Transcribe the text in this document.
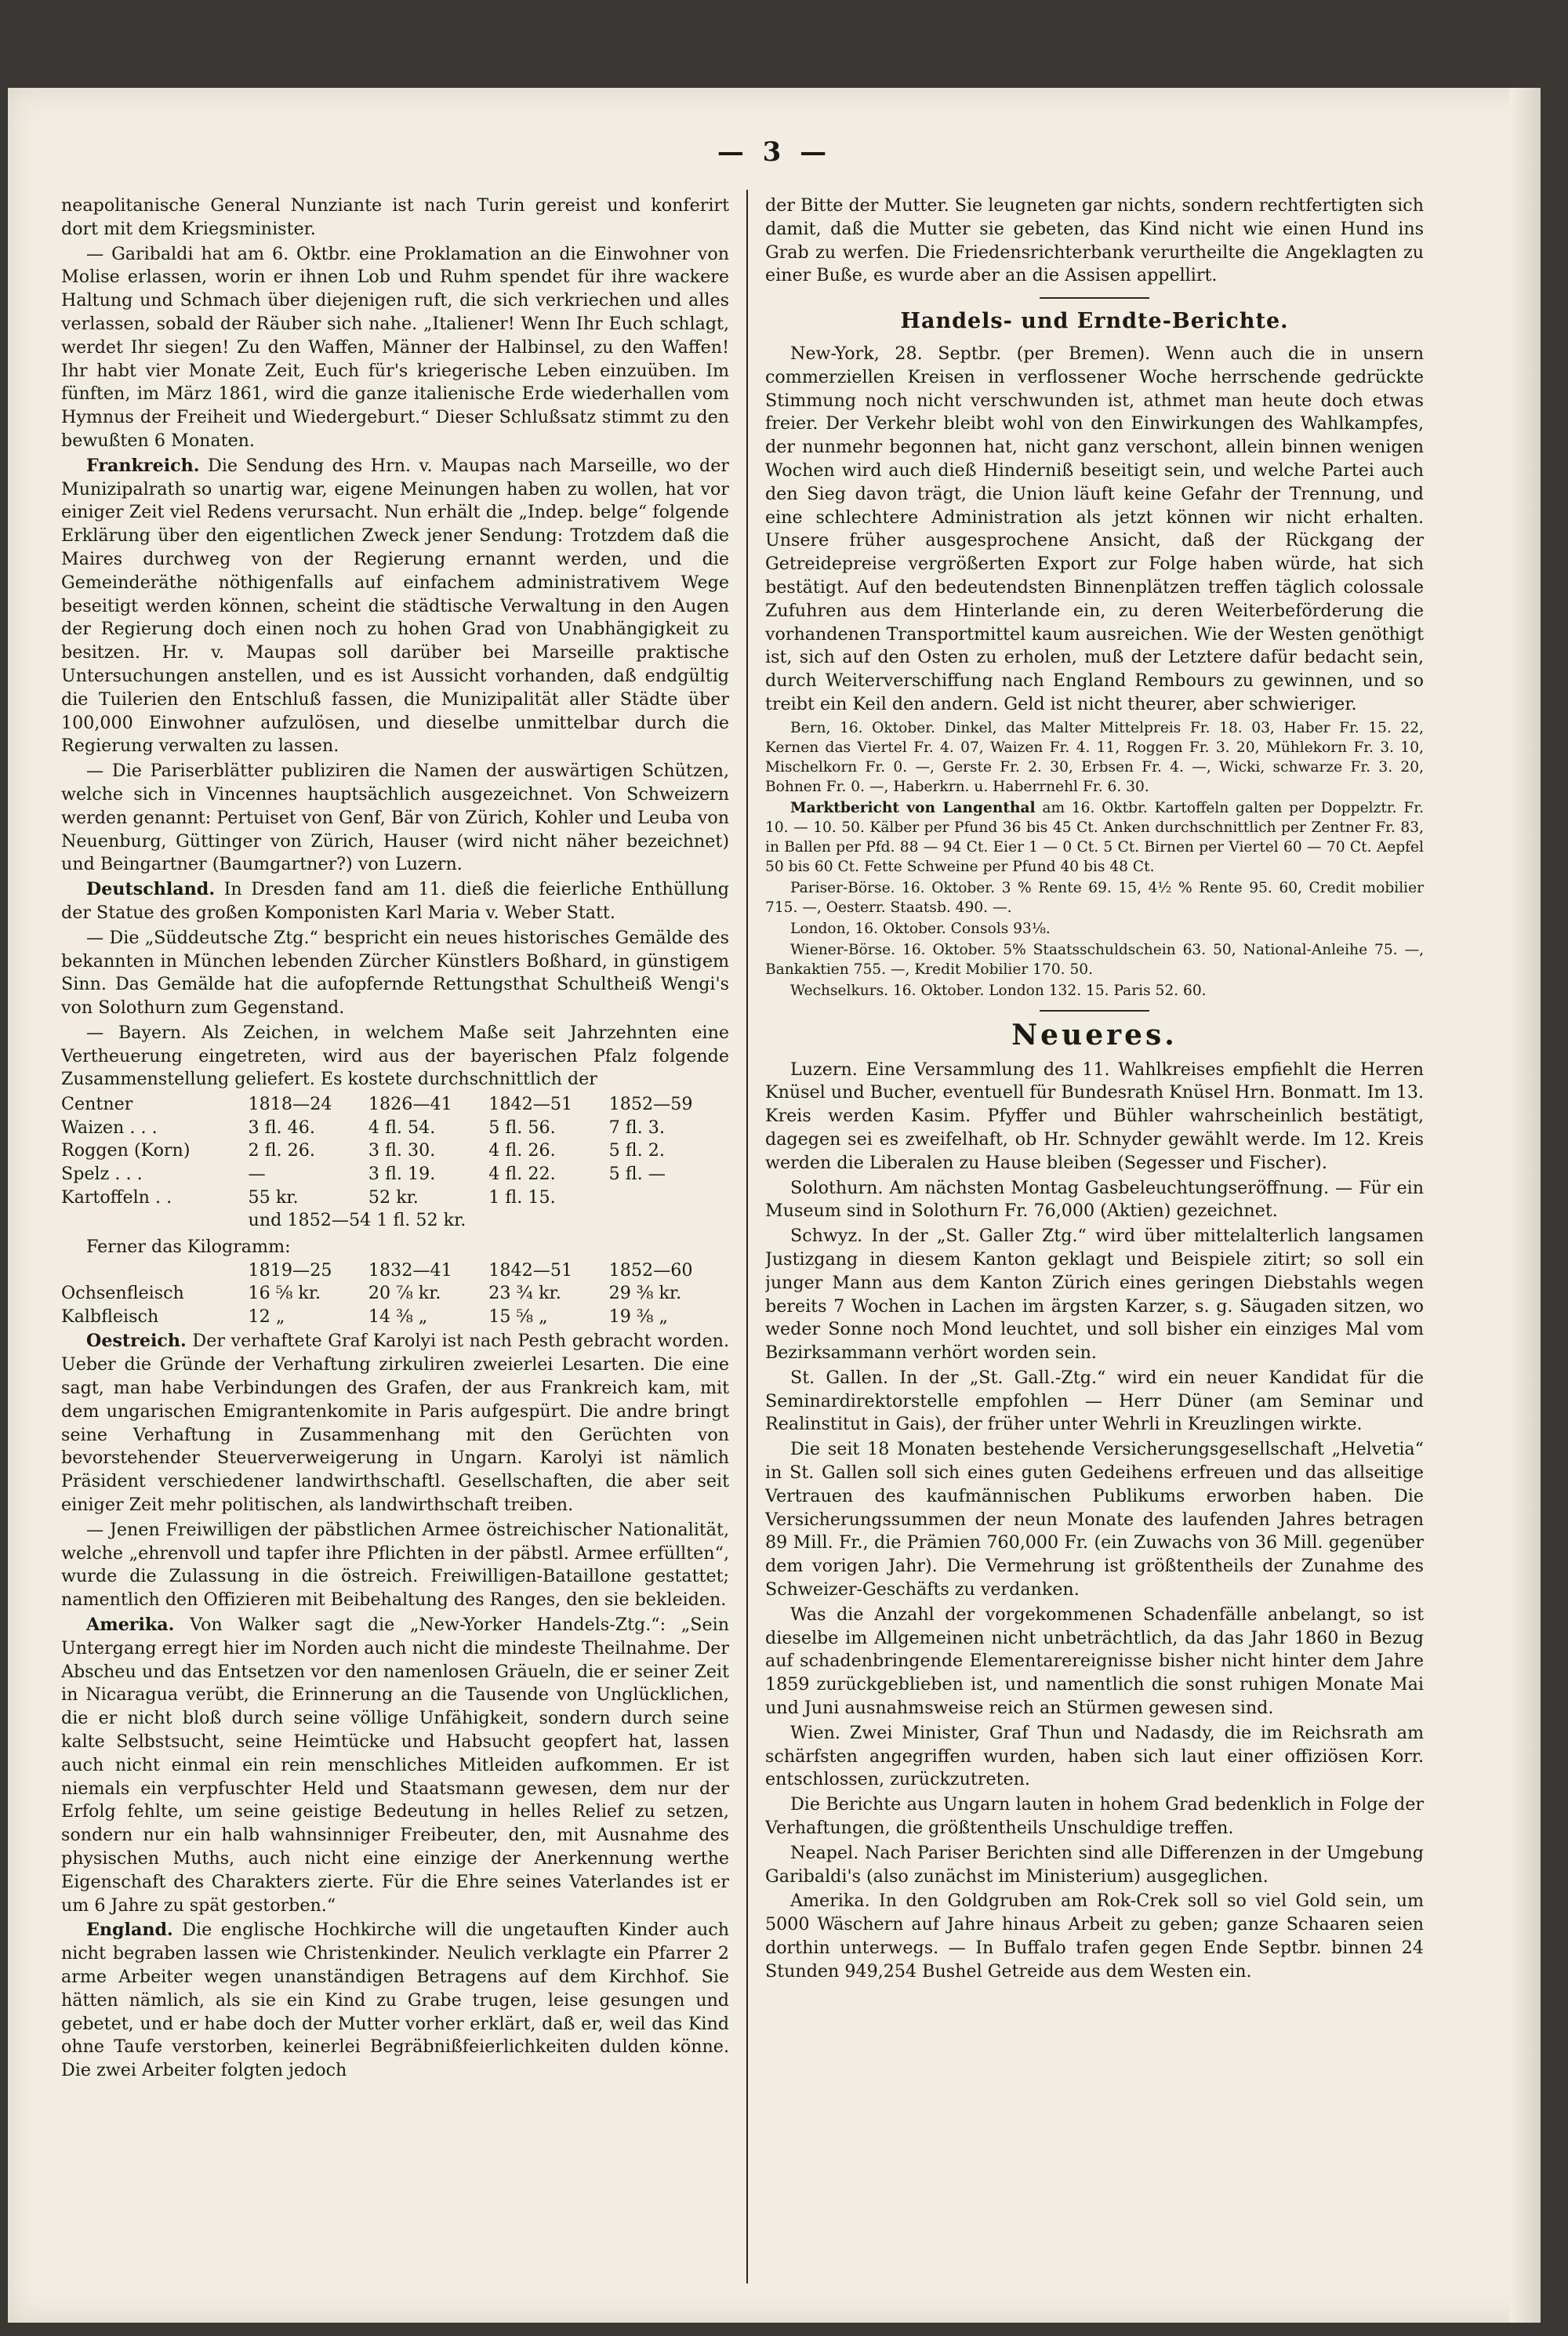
— 3 —

neapolitanische General Nunziante ist nach Turin gereist und konferirt dort mit dem Kriegsminister.

— Garibaldi hat am 6. Oktbr. eine Proklamation an die Einwohner von Molise erlassen, worin er ihnen Lob und Ruhm spendet für ihre wackere Haltung und Schmach über diejenigen ruft, die sich verkriechen und alles verlassen, sobald der Räuber sich nahe. „Italiener! Wenn Ihr Euch schlagt, werdet Ihr siegen! Zu den Waffen, Männer der Halbinsel, zu den Waffen! Ihr habt vier Monate Zeit, Euch für's kriegerische Leben einzuüben. Im fünften, im März 1861, wird die ganze italienische Erde wiederhallen vom Hymnus der Freiheit und Wiedergeburt.“ Dieser Schlußsatz stimmt zu den bewußten 6 Monaten.

Frankreich. Die Sendung des Hrn. v. Maupas nach Marseille, wo der Munizipalrath so unartig war, eigene Meinungen haben zu wollen, hat vor einiger Zeit viel Redens verursacht. Nun erhält die „Indep. belge“ folgende Erklärung über den eigentlichen Zweck jener Sendung: Trotzdem daß die Maires durchweg von der Regierung ernannt werden, und die Gemeinderäthe nöthigenfalls auf einfachem administrativem Wege beseitigt werden können, scheint die städtische Verwaltung in den Augen der Regierung doch einen noch zu hohen Grad von Unabhängigkeit zu besitzen. Hr. v. Maupas soll darüber bei Marseille praktische Untersuchungen anstellen, und es ist Aussicht vorhanden, daß endgültig die Tuilerien den Entschluß fassen, die Munizipalität aller Städte über 100,000 Einwohner aufzulösen, und dieselbe unmittelbar durch die Regierung verwalten zu lassen.

— Die Pariserblätter publiziren die Namen der auswärtigen Schützen, welche sich in Vincennes hauptsächlich ausgezeichnet. Von Schweizern werden genannt: Pertuiset von Genf, Bär von Zürich, Kohler und Leuba von Neuenburg, Güttinger von Zürich, Hauser (wird nicht näher bezeichnet) und Beingartner (Baumgartner?) von Luzern.

Deutschland. In Dresden fand am 11. dieß die feierliche Enthüllung der Statue des großen Komponisten Karl Maria v. Weber Statt.

— Die „Süddeutsche Ztg.“ bespricht ein neues historisches Gemälde des bekannten in München lebenden Zürcher Künstlers Boßhard, in günstigem Sinn. Das Gemälde hat die aufopfernde Rettungsthat Schultheiß Wengi's von Solothurn zum Gegenstand.

— Bayern. Als Zeichen, in welchem Maße seit Jahrzehnten eine Vertheuerung eingetreten, wird aus der bayerischen Pfalz folgende Zusammenstellung geliefert. Es kostete durchschnittlich der

Centner	1818—24	1826—41	1842—51	1852—59
Waizen . . .	3 fl. 46.	4 fl. 54.	5 fl. 56.	7 fl. 3.
Roggen (Korn)	2 fl. 26.	3 fl. 30.	4 fl. 26.	5 fl. 2.
Spelz . . .	—	3 fl. 19.	4 fl. 22.	5 fl. —
Kartoffeln . .	55 kr.	52 kr.	1 fl. 15.	
	und 1852—54 1 fl. 52 kr.			

Ferner das Kilogramm:

	1819—25	1832—41	1842—51	1852—60
Ochsenfleisch	16 ⅝ kr.	20 ⅞ kr.	23 ¾ kr.	29 ⅜ kr.
Kalbfleisch	12 „	14 ⅜ „	15 ⅝ „	19 ⅜ „

Oestreich. Der verhaftete Graf Karolyi ist nach Pesth gebracht worden. Ueber die Gründe der Verhaftung zirkuliren zweierlei Lesarten. Die eine sagt, man habe Verbindungen des Grafen, der aus Frankreich kam, mit dem ungarischen Emigrantenkomite in Paris aufgespürt. Die andre bringt seine Verhaftung in Zusammenhang mit den Gerüchten von bevorstehender Steuerverweigerung in Ungarn. Karolyi ist nämlich Präsident verschiedener landwirthschaftl. Gesellschaften, die aber seit einiger Zeit mehr politischen, als landwirthschaft treiben.

— Jenen Freiwilligen der päbstlichen Armee östreichischer Nationalität, welche „ehrenvoll und tapfer ihre Pflichten in der päbstl. Armee erfüllten“, wurde die Zulassung in die östreich. Freiwilligen-Bataillone gestattet; namentlich den Offizieren mit Beibehaltung des Ranges, den sie bekleiden.

Amerika. Von Walker sagt die „New-Yorker Handels-Ztg.“: „Sein Untergang erregt hier im Norden auch nicht die mindeste Theilnahme. Der Abscheu und das Entsetzen vor den namenlosen Gräueln, die er seiner Zeit in Nicaragua verübt, die Erinnerung an die Tausende von Unglücklichen, die er nicht bloß durch seine völlige Unfähigkeit, sondern durch seine kalte Selbstsucht, seine Heimtücke und Habsucht geopfert hat, lassen auch nicht einmal ein rein menschliches Mitleiden aufkommen. Er ist niemals ein verpfuschter Held und Staatsmann gewesen, dem nur der Erfolg fehlte, um seine geistige Bedeutung in helles Relief zu setzen, sondern nur ein halb wahnsinniger Freibeuter, den, mit Ausnahme des physischen Muths, auch nicht eine einzige der Anerkennung werthe Eigenschaft des Charakters zierte. Für die Ehre seines Vaterlandes ist er um 6 Jahre zu spät gestorben.“

England. Die englische Hochkirche will die ungetauften Kinder auch nicht begraben lassen wie Christenkinder. Neulich verklagte ein Pfarrer 2 arme Arbeiter wegen unanständigen Betragens auf dem Kirchhof. Sie hätten nämlich, als sie ein Kind zu Grabe trugen, leise gesungen und gebetet, und er habe doch der Mutter vorher erklärt, daß er, weil das Kind ohne Taufe verstorben, keinerlei Begräbnißfeierlichkeiten dulden könne. Die zwei Arbeiter folgten jedoch

der Bitte der Mutter. Sie leugneten gar nichts, sondern rechtfertigten sich damit, daß die Mutter sie gebeten, das Kind nicht wie einen Hund ins Grab zu werfen. Die Friedensrichterbank verurtheilte die Angeklagten zu einer Buße, es wurde aber an die Assisen appellirt.

Handels- und Erndte-Berichte.

New-York, 28. Septbr. (per Bremen). Wenn auch die in unsern commerziellen Kreisen in verflossener Woche herrschende gedrückte Stimmung noch nicht verschwunden ist, athmet man heute doch etwas freier. Der Verkehr bleibt wohl von den Einwirkungen des Wahlkampfes, der nunmehr begonnen hat, nicht ganz verschont, allein binnen wenigen Wochen wird auch dieß Hinderniß beseitigt sein, und welche Partei auch den Sieg davon trägt, die Union läuft keine Gefahr der Trennung, und eine schlechtere Administration als jetzt können wir nicht erhalten. Unsere früher ausgesprochene Ansicht, daß der Rückgang der Getreidepreise vergrößerten Export zur Folge haben würde, hat sich bestätigt. Auf den bedeutendsten Binnenplätzen treffen täglich colossale Zufuhren aus dem Hinterlande ein, zu deren Weiterbeförderung die vorhandenen Transportmittel kaum ausreichen. Wie der Westen genöthigt ist, sich auf den Osten zu erholen, muß der Letztere dafür bedacht sein, durch Weiterverschiffung nach England Rembours zu gewinnen, und so treibt ein Keil den andern. Geld ist nicht theurer, aber schwieriger.

Bern, 16. Oktober. Dinkel, das Malter Mittelpreis Fr. 18. 03, Haber Fr. 15. 22, Kernen das Viertel Fr. 4. 07, Waizen Fr. 4. 11, Roggen Fr. 3. 20, Mühlekorn Fr. 3. 10, Mischelkorn Fr. 0. —, Gerste Fr. 2. 30, Erbsen Fr. 4. —, Wicki, schwarze Fr. 3. 20, Bohnen Fr. 0. —, Haberkrn. u. Haberrnehl Fr. 6. 30.

Marktbericht von Langenthal am 16. Oktbr. Kartoffeln galten per Doppelztr. Fr. 10. — 10. 50. Kälber per Pfund 36 bis 45 Ct. Anken durchschnittlich per Zentner Fr. 83, in Ballen per Pfd. 88 — 94 Ct. Eier 1 — 0 Ct. 5 Ct. Birnen per Viertel 60 — 70 Ct. Aepfel 50 bis 60 Ct. Fette Schweine per Pfund 40 bis 48 Ct.

Pariser-Börse. 16. Oktober. 3 % Rente 69. 15, 4½ % Rente 95. 60, Credit mobilier 715. —, Oesterr. Staatsb. 490. —.

London, 16. Oktober. Consols 93⅛.

Wiener-Börse. 16. Oktober. 5% Staatsschuldschein 63. 50, National-Anleihe 75. —, Bankaktien 755. —, Kredit Mobilier 170. 50.

Wechselkurs. 16. Oktober. London 132. 15. Paris 52. 60.

Neueres.

Luzern. Eine Versammlung des 11. Wahlkreises empfiehlt die Herren Knüsel und Bucher, eventuell für Bundesrath Knüsel Hrn. Bonmatt. Im 13. Kreis werden Kasim. Pfyffer und Bühler wahrscheinlich bestätigt, dagegen sei es zweifelhaft, ob Hr. Schnyder gewählt werde. Im 12. Kreis werden die Liberalen zu Hause bleiben (Segesser und Fischer).

Solothurn. Am nächsten Montag Gasbeleuchtungseröffnung. — Für ein Museum sind in Solothurn Fr. 76,000 (Aktien) gezeichnet.

Schwyz. In der „St. Galler Ztg.“ wird über mittelalterlich langsamen Justizgang in diesem Kanton geklagt und Beispiele zitirt; so soll ein junger Mann aus dem Kanton Zürich eines geringen Diebstahls wegen bereits 7 Wochen in Lachen im ärgsten Karzer, s. g. Säugaden sitzen, wo weder Sonne noch Mond leuchtet, und soll bisher ein einziges Mal vom Bezirksammann verhört worden sein.

St. Gallen. In der „St. Gall.-Ztg.“ wird ein neuer Kandidat für die Seminardirektorstelle empfohlen — Herr Düner (am Seminar und Realinstitut in Gais), der früher unter Wehrli in Kreuzlingen wirkte.

Die seit 18 Monaten bestehende Versicherungsgesellschaft „Helvetia“ in St. Gallen soll sich eines guten Gedeihens erfreuen und das allseitige Vertrauen des kaufmännischen Publikums erworben haben. Die Versicherungssummen der neun Monate des laufenden Jahres betragen 89 Mill. Fr., die Prämien 760,000 Fr. (ein Zuwachs von 36 Mill. gegenüber dem vorigen Jahr). Die Vermehrung ist größtentheils der Zunahme des Schweizer-Geschäfts zu verdanken.

Was die Anzahl der vorgekommenen Schadenfälle anbelangt, so ist dieselbe im Allgemeinen nicht unbeträchtlich, da das Jahr 1860 in Bezug auf schadenbringende Elementarereignisse bisher nicht hinter dem Jahre 1859 zurückgeblieben ist, und namentlich die sonst ruhigen Monate Mai und Juni ausnahmsweise reich an Stürmen gewesen sind.

Wien. Zwei Minister, Graf Thun und Nadasdy, die im Reichsrath am schärfsten angegriffen wurden, haben sich laut einer offiziösen Korr. entschlossen, zurückzutreten.

Die Berichte aus Ungarn lauten in hohem Grad bedenklich in Folge der Verhaftungen, die größtentheils Unschuldige treffen.

Neapel. Nach Pariser Berichten sind alle Differenzen in der Umgebung Garibaldi's (also zunächst im Ministerium) ausgeglichen.

Amerika. In den Goldgruben am Rok-Crek soll so viel Gold sein, um 5000 Wäschern auf Jahre hinaus Arbeit zu geben; ganze Schaaren seien dorthin unterwegs. — In Buffalo trafen gegen Ende Septbr. binnen 24 Stunden 949,254 Bushel Getreide aus dem Westen ein.
